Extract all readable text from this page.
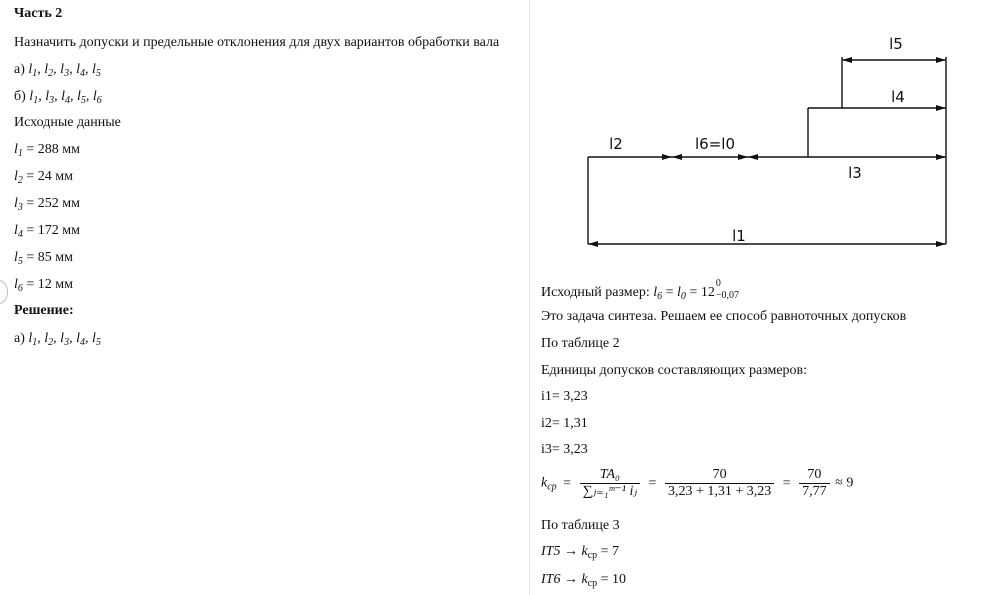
Часть 2
Назначить допуски и предельные отклонения для двух вариантов обработки вала
а) $l_1$, $l_2$, $l_3$, $l_4$, $l_5$
б) $l_1$, $l_3$, $l_4$, $l_5$, $l_6$
Исходные данные
$l_1 = 288$ мм
$l_2 = 24$ мм
$l_3 = 252$ мм
$l_4 = 172$ мм
$l_5 = 85$ мм
$l_6 = 12$ мм
Решение:
а) $l_1$, $l_2$, $l_3$, $l_4$, $l_5$
l5
l4
l2	l6=l0
l3
l1
Исходный размер: $l_6 = l_0 = 12$
0
−0,07
Это задача синтеза. Решаем ее способ равноточных допусков
По таблице 2
Единицы допусков составляющих размеров:
i1= 3,23
i2= 1,31
i3= 3,23
$k_{cp} = \frac{\text{TA₀}}{\text{∑ⱼ₌₁ᵐ⁻¹ iⱼ}} = \frac{70}{3,23 + 1,31 + 3,23} = \frac{70}{7,77} \approx 9$
По таблице 3
$IT5 \to k_{ср} = 7$
$IT6 \to k_{ср} = 10$
